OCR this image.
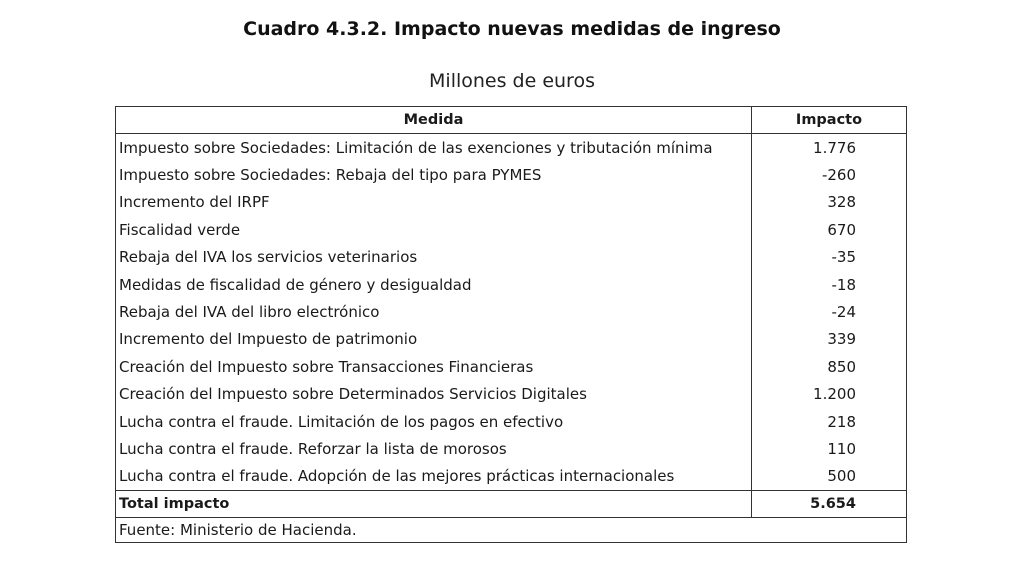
Cuadro 4.3.2. Impacto nuevas medidas de ingreso
Millones de euros
Medida	Impacto
Impuesto sobre Sociedades: Limitación de las exenciones y tributación mínima	1.776
Impuesto sobre Sociedades: Rebaja del tipo para PYMES	-260
Incremento del IRPF	328
Fiscalidad verde	670
Rebaja del IVA los servicios veterinarios	-35
Medidas de fiscalidad de género y desigualdad	-18
Rebaja del IVA del libro electrónico	-24
Incremento del Impuesto de patrimonio	339
Creación del Impuesto sobre Transacciones Financieras	850
Creación del Impuesto sobre Determinados Servicios Digitales	1.200
Lucha contra el fraude. Limitación de los pagos en efectivo	218
Lucha contra el fraude. Reforzar la lista de morosos	110
Lucha contra el fraude. Adopción de las mejores prácticas internacionales	500
Total impacto	5.654
Fuente: Ministerio de Hacienda.	
